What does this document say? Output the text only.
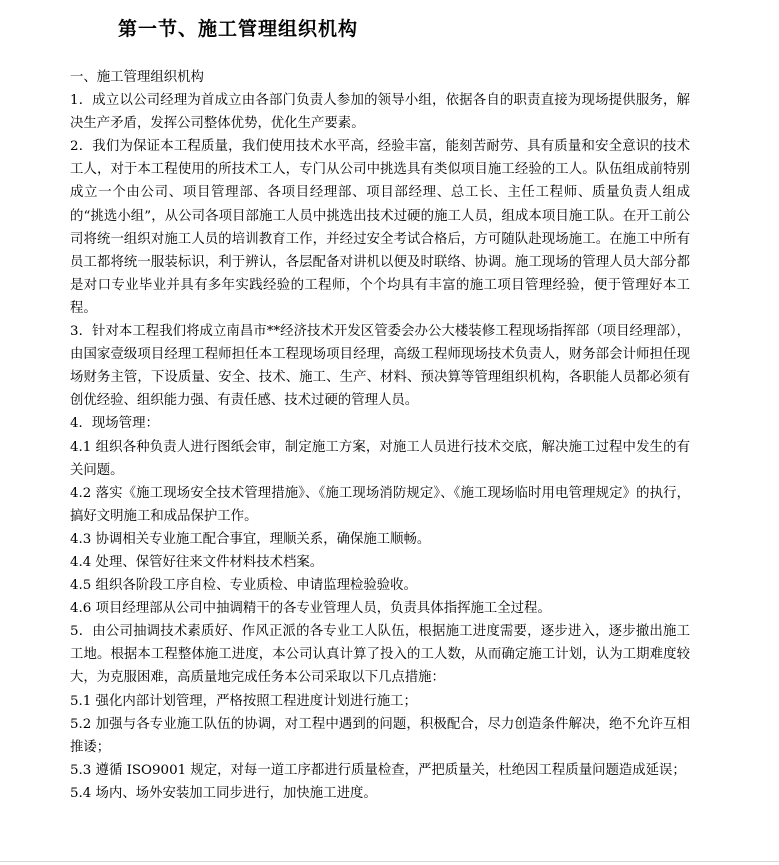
第一节、施工管理组织机构

一、施工管理组织机构

1．成立以公司经理为首成立由各部门负责人参加的领导小组，依据各自的职责直接为现场提供服务，解决生产矛盾，发挥公司整体优势，优化生产要素。

2．我们为保证本工程质量，我们使用技术水平高，经验丰富，能刻苦耐劳、具有质量和安全意识的技术工人，对于本工程使用的所技术工人，专门从公司中挑选具有类似项目施工经验的工人。队伍组成前特别成立一个由公司、项目管理部、各项目经理部、项目部经理、总工长、主任工程师、质量负责人组成的“挑选小组”，从公司各项目部施工人员中挑选出技术过硬的施工人员，组成本项目施工队。在开工前公司将统一组织对施工人员的培训教育工作，并经过安全考试合格后，方可随队赴现场施工。在施工中所有员工都将统一服装标识，利于辨认，各层配备对讲机以便及时联络、协调。施工现场的管理人员大部分都是对口专业毕业并具有多年实践经验的工程师，个个均具有丰富的施工项目管理经验，便于管理好本工程。

3．针对本工程我们将成立南昌市**经济技术开发区管委会办公大楼装修工程现场指挥部（项目经理部），由国家壹级项目经理工程师担任本工程现场项目经理，高级工程师现场技术负责人，财务部会计师担任现场财务主管，下设质量、安全、技术、施工、生产、材料、预决算等管理组织机构，各职能人员都必须有创优经验、组织能力强、有责任感、技术过硬的管理人员。

4．现场管理：

4.1 组织各种负责人进行图纸会审，制定施工方案，对施工人员进行技术交底，解决施工过程中发生的有关问题。

4.2 落实《施工现场安全技术管理措施》、《施工现场消防规定》、《施工现场临时用电管理规定》的执行，搞好文明施工和成品保护工作。

4.3 协调相关专业施工配合事宜，理顺关系，确保施工顺畅。

4.4 处理、保管好往来文件材料技术档案。

4.5 组织各阶段工序自检、专业质检、申请监理检验验收。

4.6 项目经理部从公司中抽调精干的各专业管理人员，负责具体指挥施工全过程。

5．由公司抽调技术素质好、作风正派的各专业工人队伍，根据施工进度需要，逐步进入，逐步撤出施工工地。根据本工程整体施工进度，本公司认真计算了投入的工人数，从而确定施工计划，认为工期难度较大，为克服困难，高质量地完成任务本公司采取以下几点措施：

5.1 强化内部计划管理，严格按照工程进度计划进行施工；

5.2 加强与各专业施工队伍的协调，对工程中遇到的问题，积极配合，尽力创造条件解决，绝不允许互相推诿；

5.3 遵循 ISO9001 规定，对每一道工序都进行质量检查，严把质量关，杜绝因工程质量问题造成延误；

5.4 场内、场外安装加工同步进行，加快施工进度。
